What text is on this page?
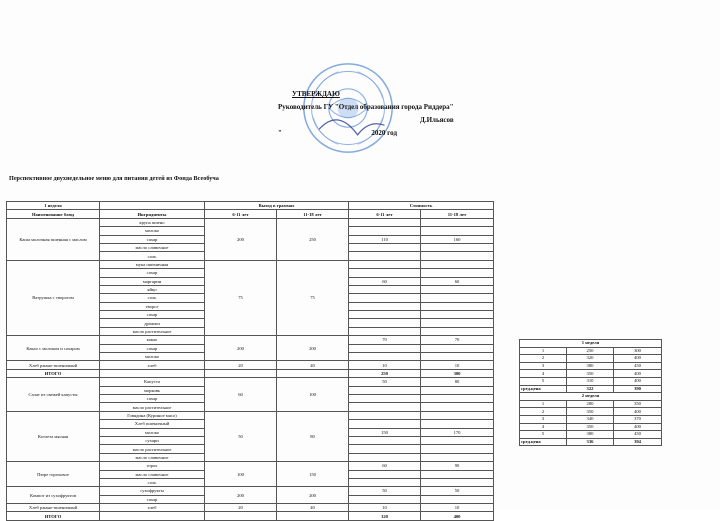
УТВЕРЖДАЮ
Руководитель ГУ "Отдел образования города Риддера"
Д.Ильясов
"	2020 год
Перспективное двухнедельное меню для питания детей из Фонда Всеобуча
1 неделя		Выход в граммах		Стоимость	
Наименование блюд	Ингридиенты	6-11 лет	11-18 лет	6-11 лет	11-18 лет
Каша молочная пшенная с маслом	крупа пшено	200	250		
	молоко				
	сахар			110	160
	масло сливочное				
	соль				
Ватрушка с творогом	мука пшеничная	75	75		
	сахар				
	маргарин			60	60
	яйцо				
	соль				
	творог				
	сахар				
	дрожжи				
	масло растительное				
Какао с молоком и сахаром	какао	200	200	70	70
	сахар				
	молоко				
Хлеб ржано-пшеничный	хлеб	20	40	10	10
ИТОГО				250	300
Салат из свежей капусты	Капуста	60	100	50	80
	морковь				
	сахар				
	масло растительное				
Котлета мясная	Говядина (Куриное мясо)	50	80		
	Хлеб пшеничный				
	молоко			150	170
	сухари				
	масло растительное				
	масло сливочное				
Пюре гороховое	горох	100	150	60	90
	масло сливочное				
	соль				
Компот из сухофруктов	сухофрукты	200	200	50	50
	сахар				
Хлеб ржано-пшеничный	хлеб	20	40	10	10
ИТОГО				320	400
1 неделя		
1	250	300
2	320	400
3	380	450
4	350	400
5	310	400
сред.цена	322	390
2 неделя		
1	280	350
2	350	400
3	340	370
4	350	400
5	380	450
сред.цена	336	394
